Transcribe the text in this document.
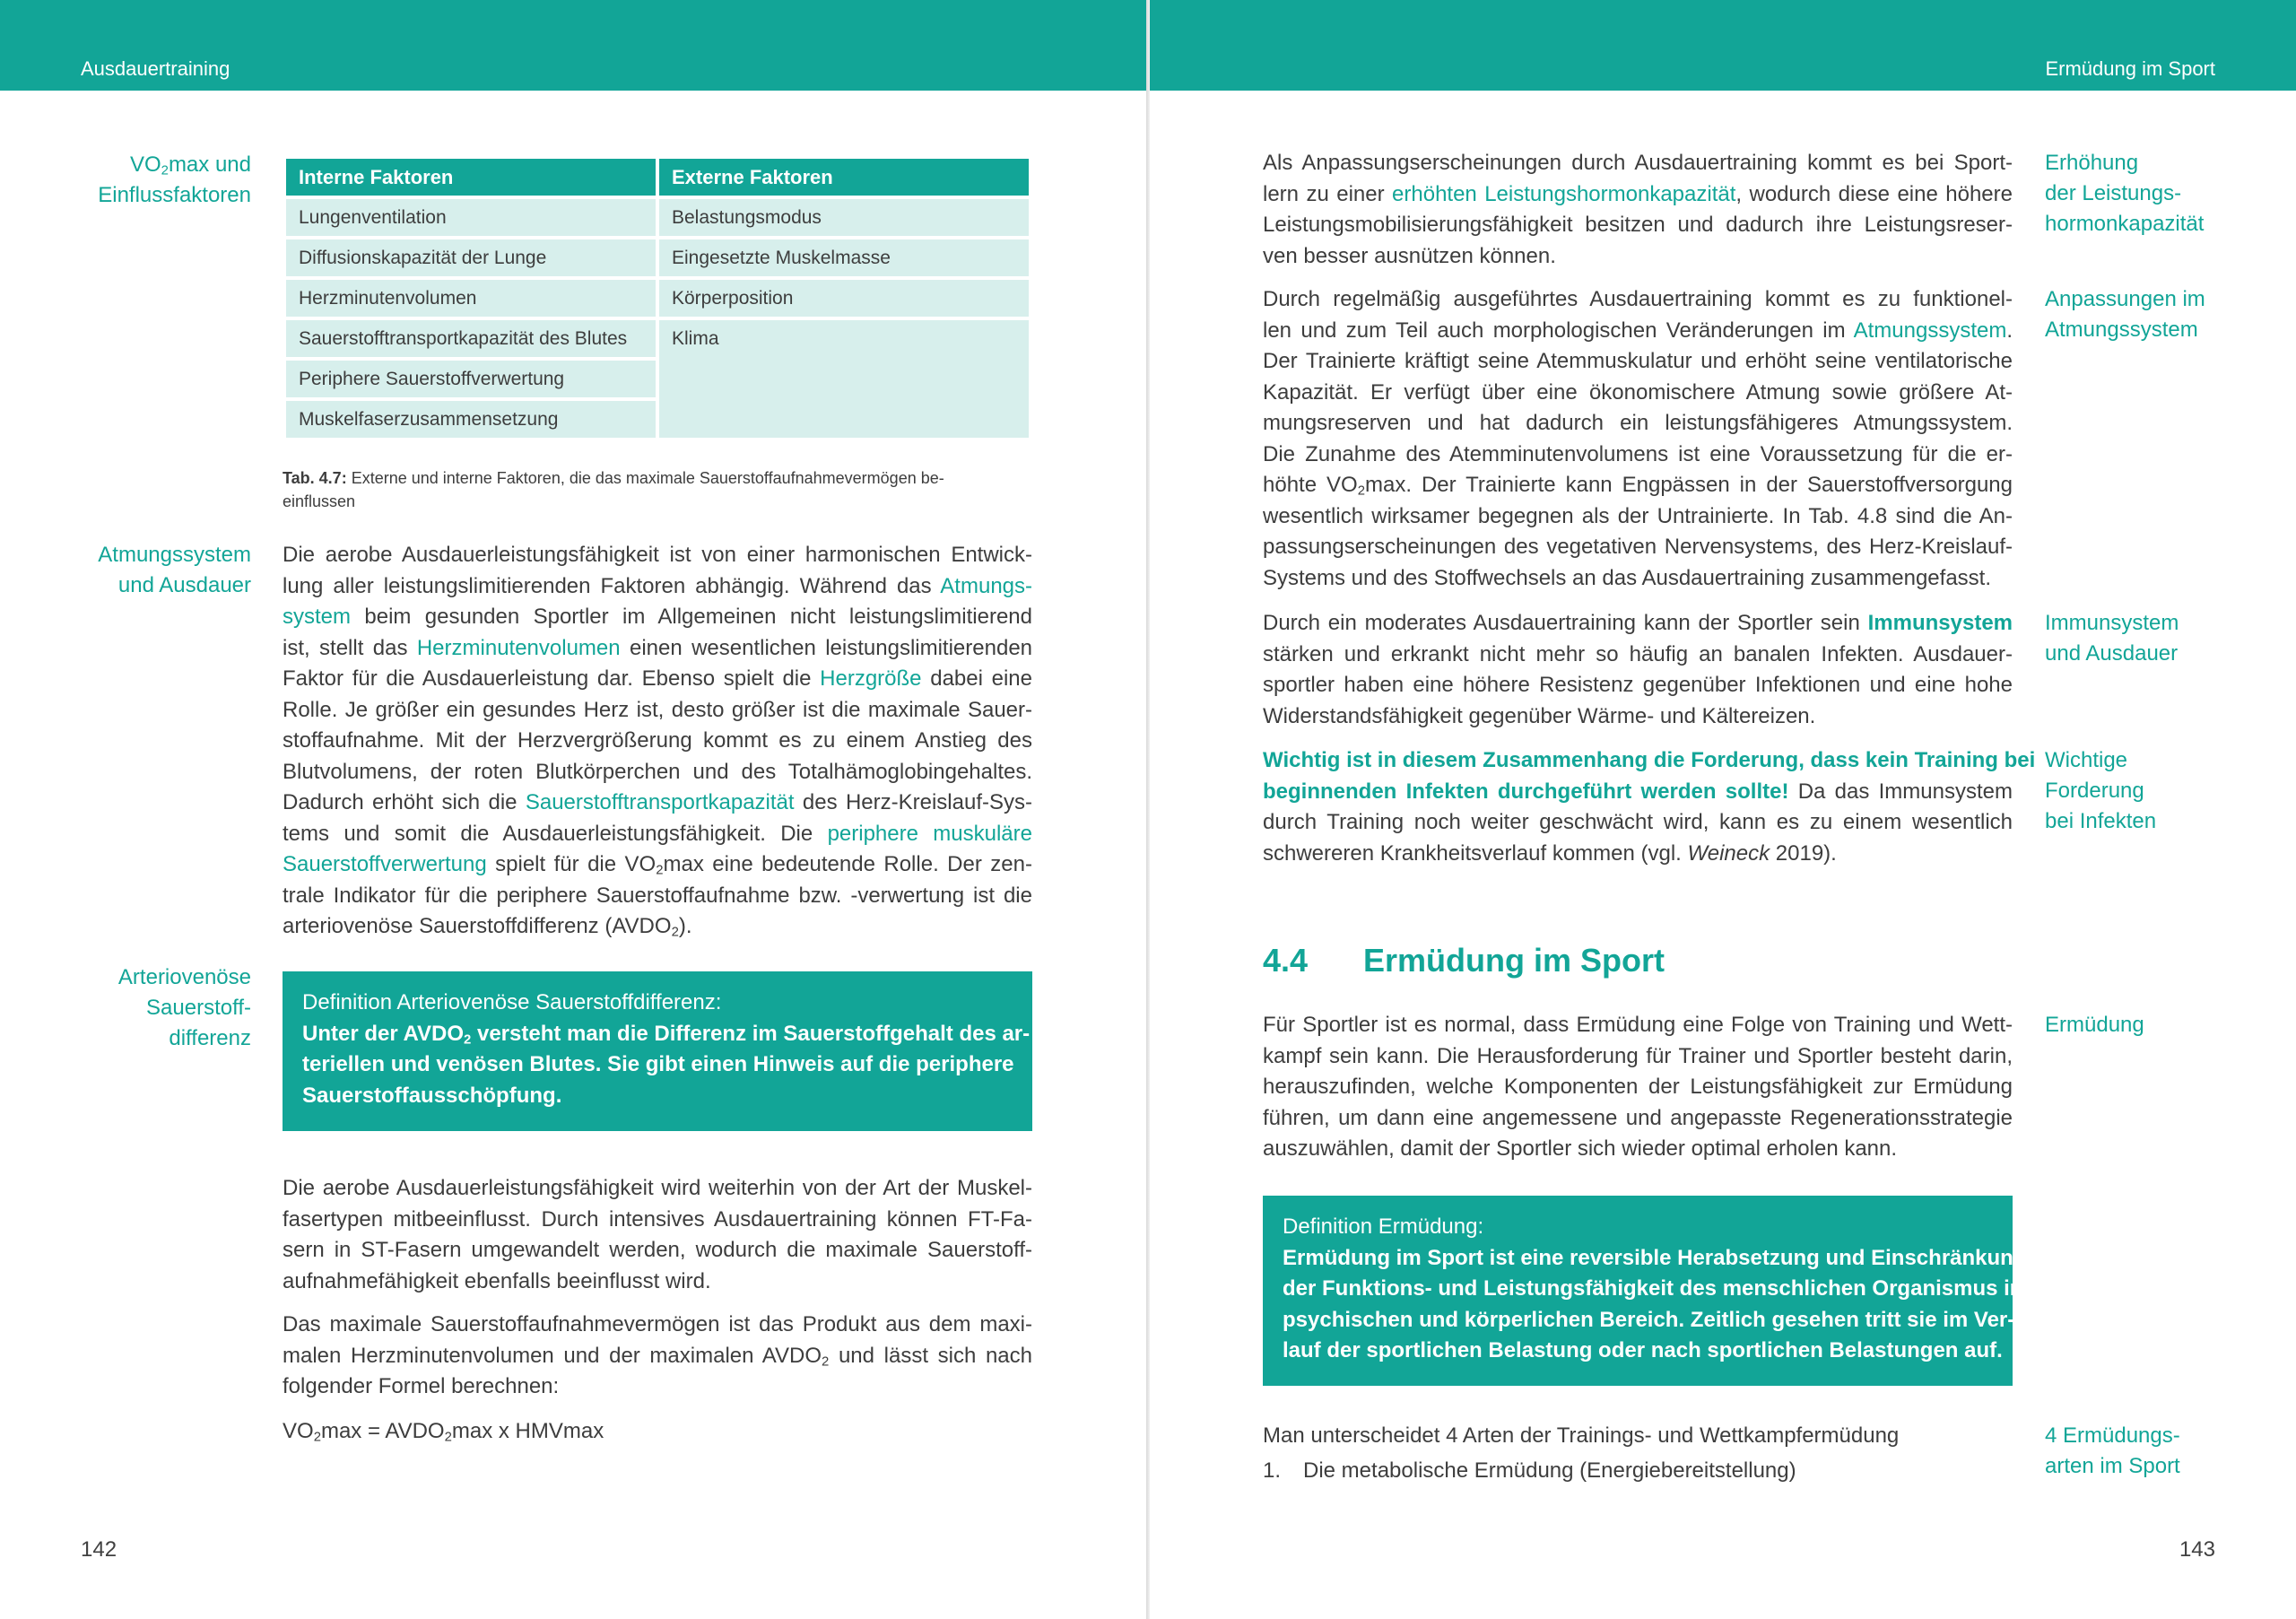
Ausdauertraining
$VO_2\max$ und
Einflussfaktoren
Interne Faktoren	Externe Faktoren
Lungenventilation	Belastungsmodus
Diffusionskapazität der Lunge	Eingesetzte Muskelmasse
Herzminutenvolumen	Körperposition
Sauerstofftransportkapazität des Blutes	Klima
Periphere Sauerstoffverwertung	
Muskelfaserzusammensetzung	
Tab. 4.7: Externe und interne Faktoren, die das maximale Sauerstoffaufnahmevermögen be-
einflussen
Atmungssystem
und Ausdauer
Die aerobe Ausdauerleistungsfähigkeit ist von einer harmonischen Entwick-
lung aller leistungslimitierenden Faktoren abhängig. Während das Atmungs-
system beim gesunden Sportler im Allgemeinen nicht leistungslimitierend
ist, stellt das Herzminutenvolumen einen wesentlichen leistungslimitierenden
Faktor für die Ausdauerleistung dar. Ebenso spielt die Herzgröße dabei eine
Rolle. Je größer ein gesundes Herz ist, desto größer ist die maximale Sauer-
stoffaufnahme. Mit der Herzvergrößerung kommt es zu einem Anstieg des
Blutvolumens, der roten Blutkörperchen und des Totalhämoglobingehaltes.
Dadurch erhöht sich die Sauerstofftransportkapazität des Herz-Kreislauf-Sys-
tems und somit die Ausdauerleistungsfähigkeit. Die periphere muskuläre
Sauerstoffverwertung spielt für die $VO_2\max$ eine bedeutende Rolle. Der zen-
trale Indikator für die periphere Sauerstoffaufnahme bzw. -verwertung ist die
arteriovenöse Sauerstoffdifferenz $(AVDO_2)$.
Arteriovenöse
Sauerstoff-
differenz
Definition Arteriovenöse Sauerstoffdifferenz:
Unter der $AVDO_2$ versteht man die Differenz im Sauerstoffgehalt des ar-
teriellen und venösen Blutes. Sie gibt einen Hinweis auf die periphere
Sauerstoffausschöpfung.
Die aerobe Ausdauerleistungsfähigkeit wird weiterhin von der Art der Muskel-
fasertypen mitbeeinflusst. Durch intensives Ausdauertraining können FT-Fa-
sern in ST-Fasern umgewandelt werden, wodurch die maximale Sauerstoff-
aufnahmefähigkeit ebenfalls beeinflusst wird.
Das maximale Sauerstoffaufnahmevermögen ist das Produkt aus dem maxi-
malen Herzminutenvolumen und der maximalen $AVDO_2$ und lässt sich nach
folgender Formel berechnen:
$VO_2\max$ = $AVDO_2\max$ x HMVmax
142
Ermüdung im Sport
Als Anpassungserscheinungen durch Ausdauertraining kommt es bei Sport-
lern zu einer erhöhten Leistungshormonkapazität, wodurch diese eine höhere
Leistungsmobilisierungsfähigkeit besitzen und dadurch ihre Leistungsreser-
ven besser ausnützen können.
Erhöhung
der Leistungs-
hormonkapazität
Durch regelmäßig ausgeführtes Ausdauertraining kommt es zu funktionel-
len und zum Teil auch morphologischen Veränderungen im Atmungssystem.
Der Trainierte kräftigt seine Atemmuskulatur und erhöht seine ventilatorische
Kapazität. Er verfügt über eine ökonomischere Atmung sowie größere At-
mungsreserven und hat dadurch ein leistungsfähigeres Atmungssystem.
Die Zunahme des Atemminutenvolumens ist eine Voraussetzung für die er-
höhte $VO_2\max$. Der Trainierte kann Engpässen in der Sauerstoffversorgung
wesentlich wirksamer begegnen als der Untrainierte. In Tab. 4.8 sind die An-
passungserscheinungen des vegetativen Nervensystems, des Herz-Kreislauf-
Systems und des Stoffwechsels an das Ausdauertraining zusammengefasst.
Anpassungen im
Atmungssystem
Durch ein moderates Ausdauertraining kann der Sportler sein Immunsystem
stärken und erkrankt nicht mehr so häufig an banalen Infekten. Ausdauer-
sportler haben eine höhere Resistenz gegenüber Infektionen und eine hohe
Widerstandsfähigkeit gegenüber Wärme- und Kältereizen.
Immunsystem
und Ausdauer
Wichtig ist in diesem Zusammenhang die Forderung, dass kein Training bei
beginnenden Infekten durchgeführt werden sollte! Da das Immunsystem
durch Training noch weiter geschwächt wird, kann es zu einem wesentlich
schwereren Krankheitsverlauf kommen (vgl. Weineck 2019).
Wichtige
Forderung
bei Infekten
4.4 Ermüdung im Sport
Für Sportler ist es normal, dass Ermüdung eine Folge von Training und Wett-
kampf sein kann. Die Herausforderung für Trainer und Sportler besteht darin,
herauszufinden, welche Komponenten der Leistungsfähigkeit zur Ermüdung
führen, um dann eine angemessene und angepasste Regenerationsstrategie
auszuwählen, damit der Sportler sich wieder optimal erholen kann.
Ermüdung
Definition Ermüdung:
Ermüdung im Sport ist eine reversible Herabsetzung und Einschränkung
der Funktions- und Leistungsfähigkeit des menschlichen Organismus im
psychischen und körperlichen Bereich. Zeitlich gesehen tritt sie im Ver-
lauf der sportlichen Belastung oder nach sportlichen Belastungen auf.
Man unterscheidet 4 Arten der Trainings- und Wettkampfermüdung
1. Die metabolische Ermüdung (Energiebereitstellung)
4 Ermüdungs-
arten im Sport
143
